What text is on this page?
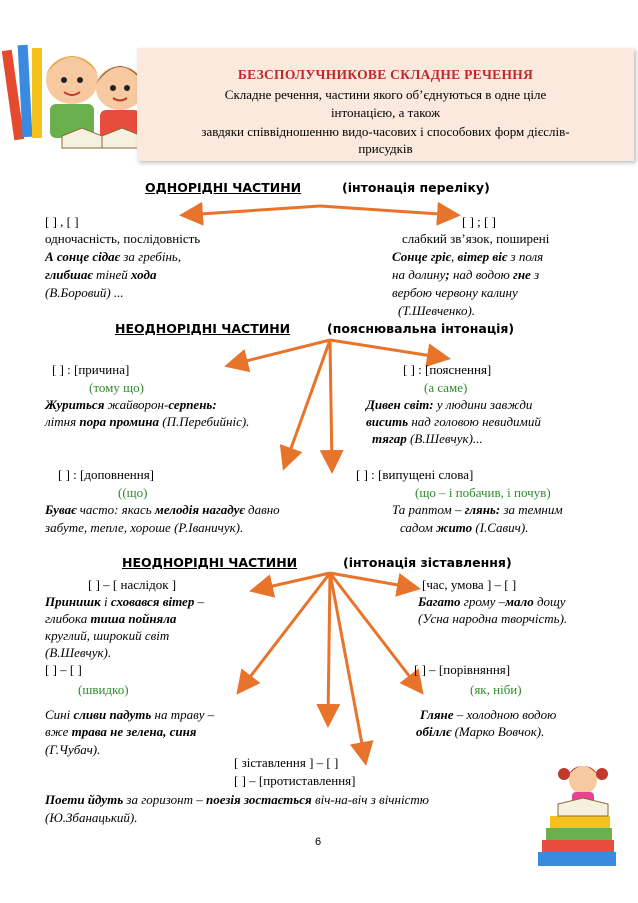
БЕЗСПОЛУЧНИКОВЕ СКЛАДНЕ РЕЧЕННЯ
Складне речення, частини якого об’єднуються в одне ціле
інтонацією, а також
завдяки співвідношенню видо-часових і способових форм дієслів-
присудків
ОДНОРІДНІ ЧАСТИНИ	(інтонація переліку)
[ ] , [ ]
одночасність, послідовність
А сонце сідає за гребінь,
глибшає тіней хода
(В.Боровий) ...
[ ] ; [ ]
слабкий зв’язок, поширені
Сонце гріє, вітер віє з поля
на долину; над водою гне з
вербою червону калину
(Т.Шевченко).
НЕОДНОРІДНІ ЧАСТИНИ	(пояснювальна інтонація)
[ ] : [причина]
(тому що)
Журиться жайворон-серпень:
літня пора промина (П.Перебийніс).
[ ] : [пояснення]
(а саме)
Дивен світ: у людини завжди
висить над головою невидимий
тягар (В.Шевчук)...
[ ] : [доповнення]
((що)
Буває часто: якась мелодія нагадує давно
забуте, тепле, хороше (Р.Іваничук).
[ ] : [випущені слова]
(що – і побачив, і почув)
Та раптом – глянь: за темним
садом жито (І.Савич).
НЕОДНОРІДНІ ЧАСТИНИ	(інтонація зіставлення)
[ ] – [ наслідок ]
Принишк і сховався вітер –
глибока тиша пойняла
круглий, широкий світ
(В.Шевчук).
[час, умова ] – [ ]
Багато грому –мало дощу
(Усна народна творчість).
[ ] – [ ]
(швидко)
Сині сливи падуть на траву –
вже трава не зелена, синя
(Г.Чубач).
[ ] – [порівняння]
(як, ніби)
Гляне – холодною водою
обіллє (Марко Вовчок).
[ зіставлення ] – [ ]
[ ] – [протиставлення]
Поети йдуть за горизонт – поезія зостається віч-на-віч з вічністю
(Ю.Збанацький).
6
